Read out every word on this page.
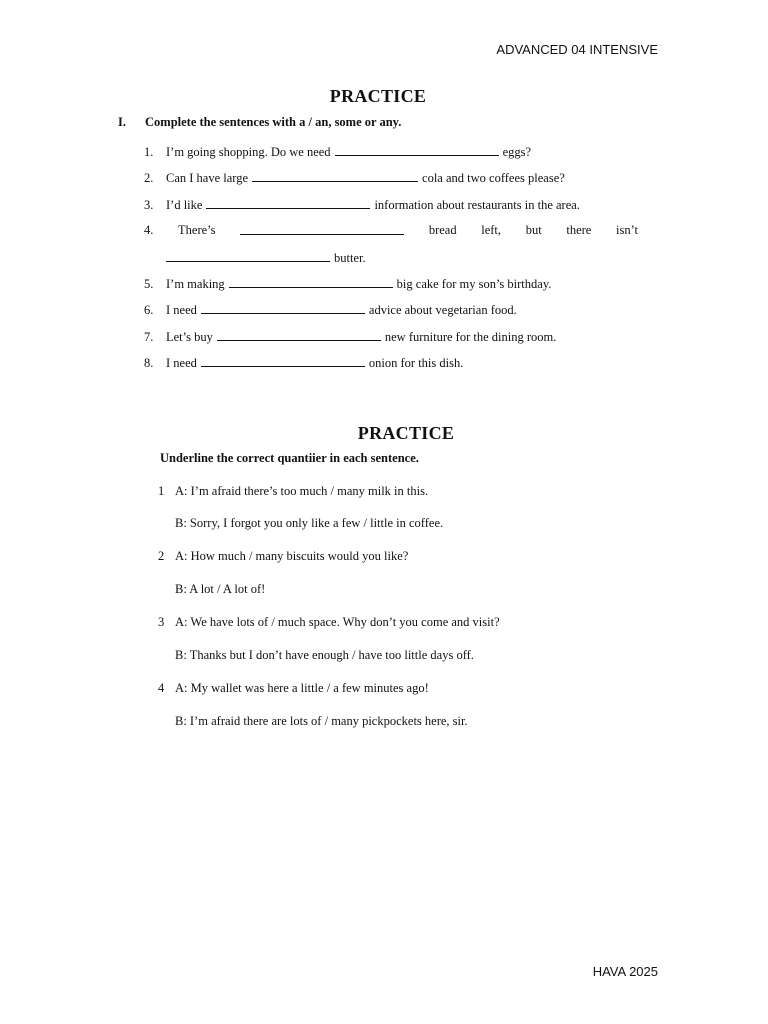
ADVANCED 04 INTENSIVE
PRACTICE
I. Complete the sentences with a / an, some or any.
1. I’m going shopping. Do we need	eggs?
2. Can I have large	cola and two coffees please?
3. I’d like	information about restaurants in the area.
4. There’s	bread left, but there isn’t
butter.
5. I’m making	big cake for my son’s birthday.
6. I need	advice about vegetarian food.
7. Let’s buy	new furniture for the dining room.
8. I need	onion for this dish.
PRACTICE
Underline the correct quantiier in each sentence.
1 A: I’m afraid there’s too much / many milk in this.
B: Sorry, I forgot you only like a few / little in coffee.
2 A: How much / many biscuits would you like?
B: A lot / A lot of!
3 A: We have lots of / much space. Why don’t you come and visit?
B: Thanks but I don’t have enough / have too little days off.
4 A: My wallet was here a little / a few minutes ago!
B: I’m afraid there are lots of / many pickpockets here, sir.
HAVA 2025
